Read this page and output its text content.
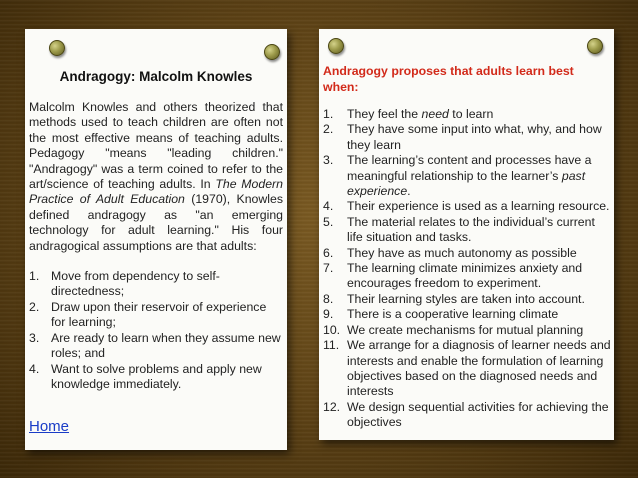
Andragogy: Malcolm Knowles

Malcolm Knowles and others theorized that methods used to teach children are often not the most effective means of teaching adults. Pedagogy "means "leading children." "Andragogy" was a term coined to refer to the art/science of teaching adults. In The Modern Practice of Adult Education (1970), Knowles defined andragogy as "an emerging technology for adult learning." His four andragogical assumptions are that adults:

1. Move from dependency to self-directedness;
2. Draw upon their reservoir of experience for learning;
3. Are ready to learn when they assume new roles; and
4. Want to solve problems and apply new knowledge immediately.
Home
Andragogy proposes that adults learn best when:
1. They feel the need to learn
2. They have some input into what, why, and how they learn
3. The learning’s content and processes have a meaningful relationship to the learner’s past experience.
4. Their experience is used as a learning resource.
5. The material relates to the individual’s current life situation and tasks.
6. They have as much autonomy as possible
7. The learning climate minimizes anxiety and encourages freedom to experiment.
8. Their learning styles are taken into account.
9. There is a cooperative learning climate
10. We create mechanisms for mutual planning
11. We arrange for a diagnosis of learner needs and interests and enable the formulation of learning objectives based on the diagnosed needs and interests
12. We design sequential activities for achieving the objectives
